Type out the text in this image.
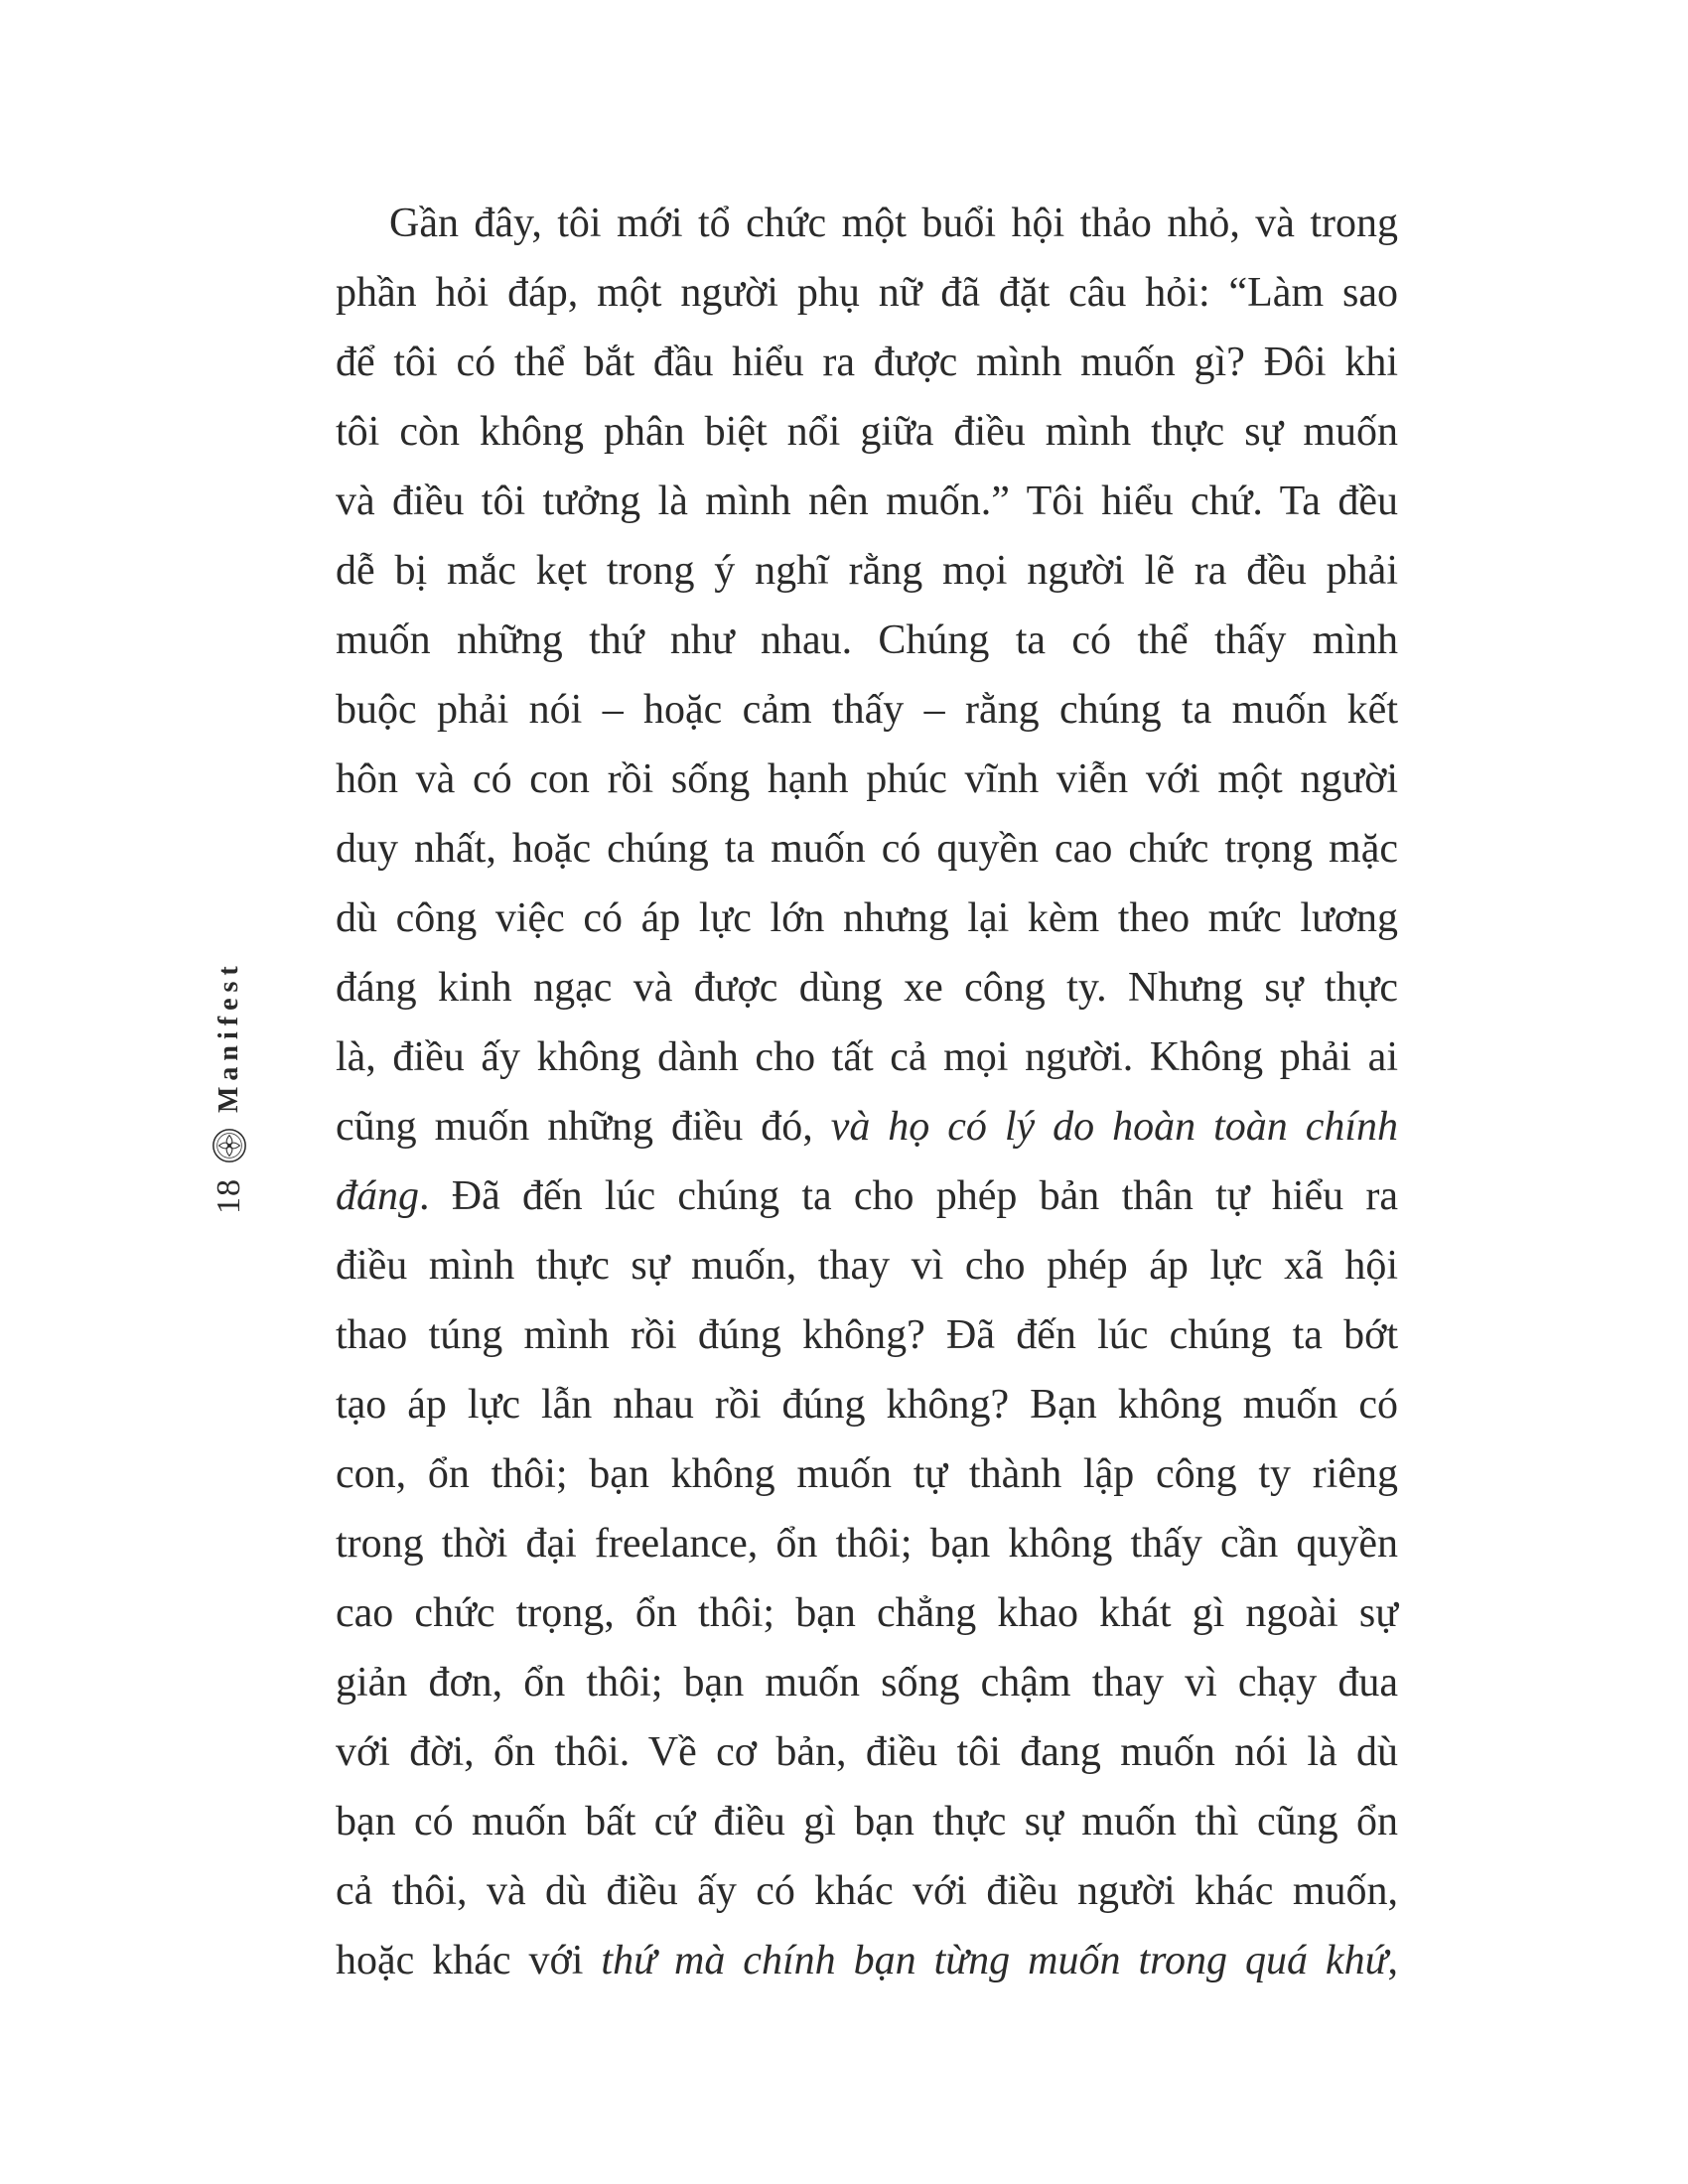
18
Manifest
Gần đây, tôi mới tổ chức một buổi hội thảo nhỏ, và trong
phần hỏi đáp, một người phụ nữ đã đặt câu hỏi: “Làm sao
để tôi có thể bắt đầu hiểu ra được mình muốn gì? Đôi khi
tôi còn không phân biệt nổi giữa điều mình thực sự muốn
và điều tôi tưởng là mình nên muốn.” Tôi hiểu chứ. Ta đều
dễ bị mắc kẹt trong ý nghĩ rằng mọi người lẽ ra đều phải
muốn những thứ như nhau. Chúng ta có thể thấy mình
buộc phải nói – hoặc cảm thấy – rằng chúng ta muốn kết
hôn và có con rồi sống hạnh phúc vĩnh viễn với một người
duy nhất, hoặc chúng ta muốn có quyền cao chức trọng mặc
dù công việc có áp lực lớn nhưng lại kèm theo mức lương
đáng kinh ngạc và được dùng xe công ty. Nhưng sự thực
là, điều ấy không dành cho tất cả mọi người. Không phải ai
cũng muốn những điều đó, và họ có lý do hoàn toàn chính
đáng. Đã đến lúc chúng ta cho phép bản thân tự hiểu ra
điều mình thực sự muốn, thay vì cho phép áp lực xã hội
thao túng mình rồi đúng không? Đã đến lúc chúng ta bớt
tạo áp lực lẫn nhau rồi đúng không? Bạn không muốn có
con, ổn thôi; bạn không muốn tự thành lập công ty riêng
trong thời đại freelance, ổn thôi; bạn không thấy cần quyền
cao chức trọng, ổn thôi; bạn chẳng khao khát gì ngoài sự
giản đơn, ổn thôi; bạn muốn sống chậm thay vì chạy đua
với đời, ổn thôi. Về cơ bản, điều tôi đang muốn nói là dù
bạn có muốn bất cứ điều gì bạn thực sự muốn thì cũng ổn
cả thôi, và dù điều ấy có khác với điều người khác muốn,
hoặc khác với thứ mà chính bạn từng muốn trong quá khứ,
